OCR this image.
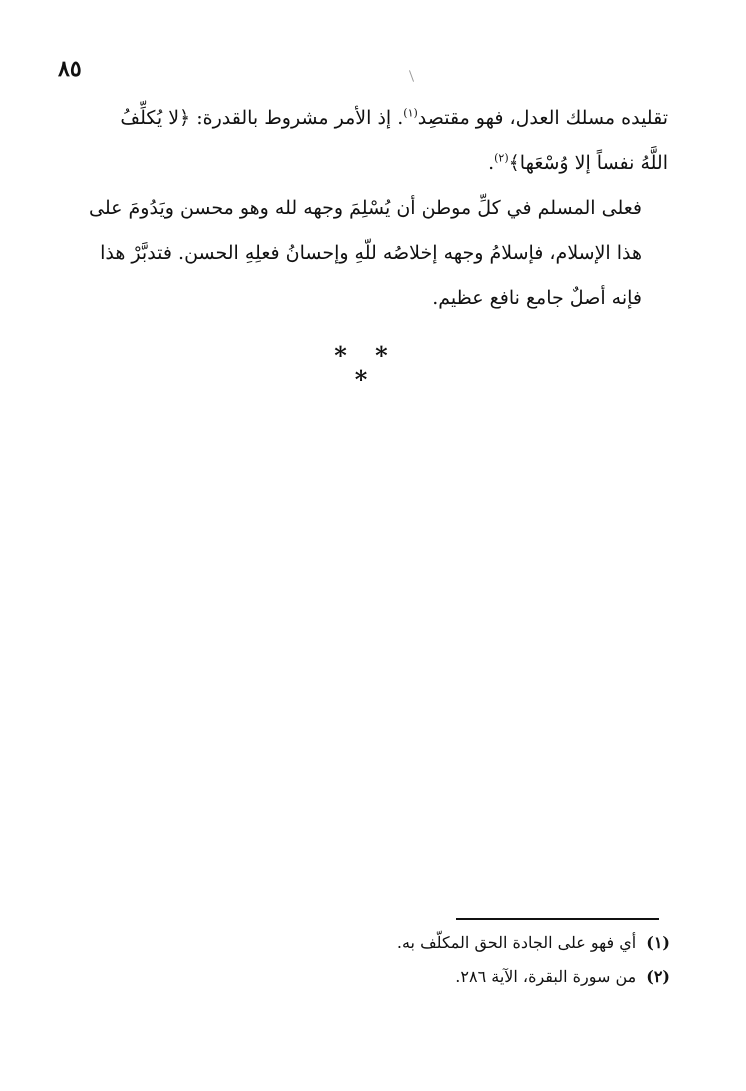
٨٥

تقليده مسلك العدل، فهو مقتصِد$^{(١)}$. إذ الأمر مشروط بالقدرة: ﴿لا يُكلِّفُ
اللَّهُ نفساً إلا وُسْعَها﴾$^{(٢)}$.

فعلى المسلم في كلِّ موطن أن يُسْلِمَ وجهه لله وهو محسن ويَدُومَ على
هذا الإسلام، فإسلامُ وجهه إخلاصُه للّهِ وإحسانُ فعلِهِ الحسن. فتدبَّرْ هذا
فإنه أصلٌ جامع نافع عظيم.

* * *
(١)أي فهو على الجادة الحق المكلّف به.
(٢)من سورة البقرة، الآية ٢٨٦.
